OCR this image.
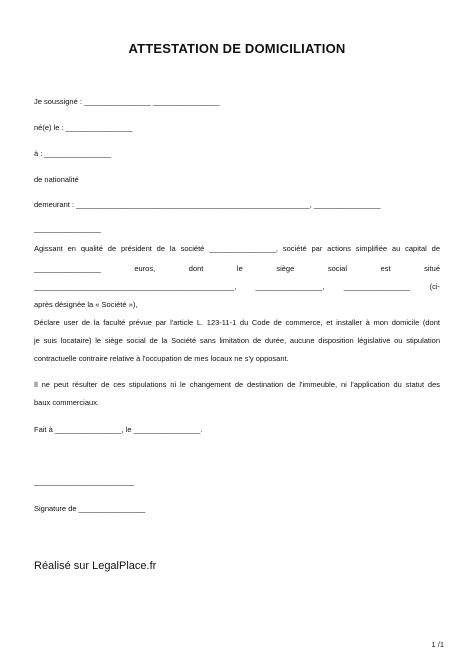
ATTESTATION DE DOMICILIATION
Je soussigné : ________________ ________________
né(e) le : ________________
à : ________________
de nationalité
demeurant : ________________________________________________________, ________________
________________
Agissant en qualité de président de la société ________________, société par actions simplifiée au capital de
________________ euros, dont le siège social est situé
________________________________________________, ________________, ________________ (ci-
après désignée la « Société »),
Déclare user de la faculté prévue par l'article L. 123-11-1 du Code de commerce, et installer à mon domicile (dont
je suis locataire) le siège social de la Société sans limitation de durée, aucune disposition législative ou stipulation
contractuelle contraire relative à l'occupation de mes locaux ne s'y opposant.
Il ne peut résulter de ces stipulations ni le changement de destination de l'immeuble, ni l'application du statut des
baux commerciaux.
Fait à ________________, le ________________.
________________________
Signature de ________________
Réalisé sur LegalPlace.fr
1 /1
